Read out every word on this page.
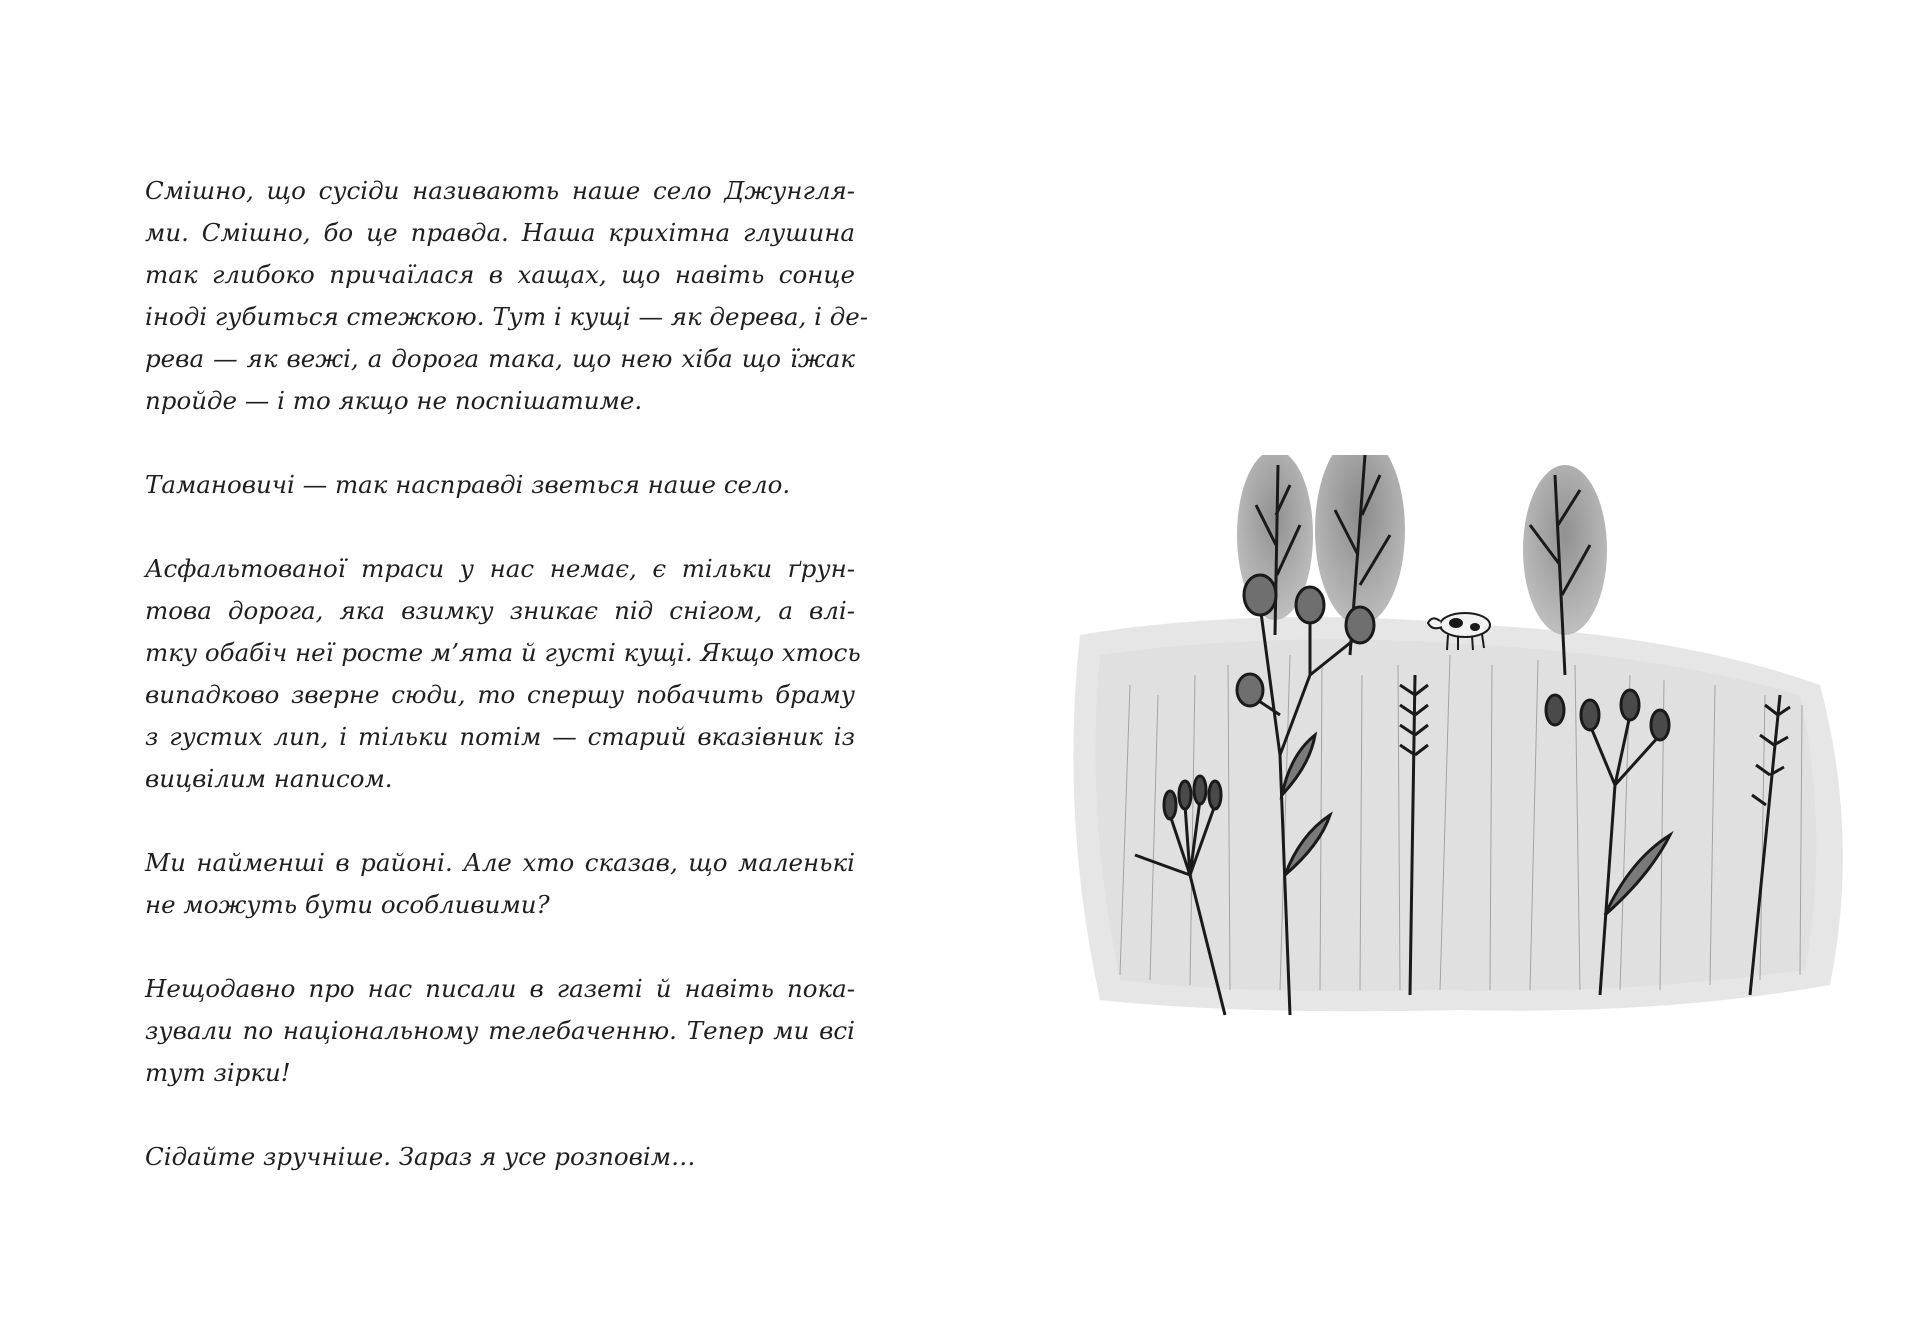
Смішно, що сусіди називають наше село Джунгля-
ми. Смішно, бо це правда. Наша крихітна глушина
так глибоко причаїлася в хащах, що навіть сонце
іноді губиться стежкою. Тут і кущі — як дерева, і де-
рева — як вежі, а дорога така, що нею хіба що їжак
пройде — і то якщо не поспішатиме.

Тамановичі — так насправді зветься наше село.

Асфальтованої траси у нас немає, є тільки ґрун-
това дорога, яка взимку зникає під снігом, а влі-
тку обабіч неї росте м’ята й густі кущі. Якщо хтось
випадково зверне сюди, то спершу побачить браму
з густих лип, і тільки потім — старий вказівник із
вицвілим написом.

Ми найменші в районі. Але хто сказав, що маленькі
не можуть бути особливими?

Нещодавно про нас писали в газеті й навіть пока-
зували по національному телебаченню. Тепер ми всі
тут зірки!

Сідайте зручніше. Зараз я усе розповім…
